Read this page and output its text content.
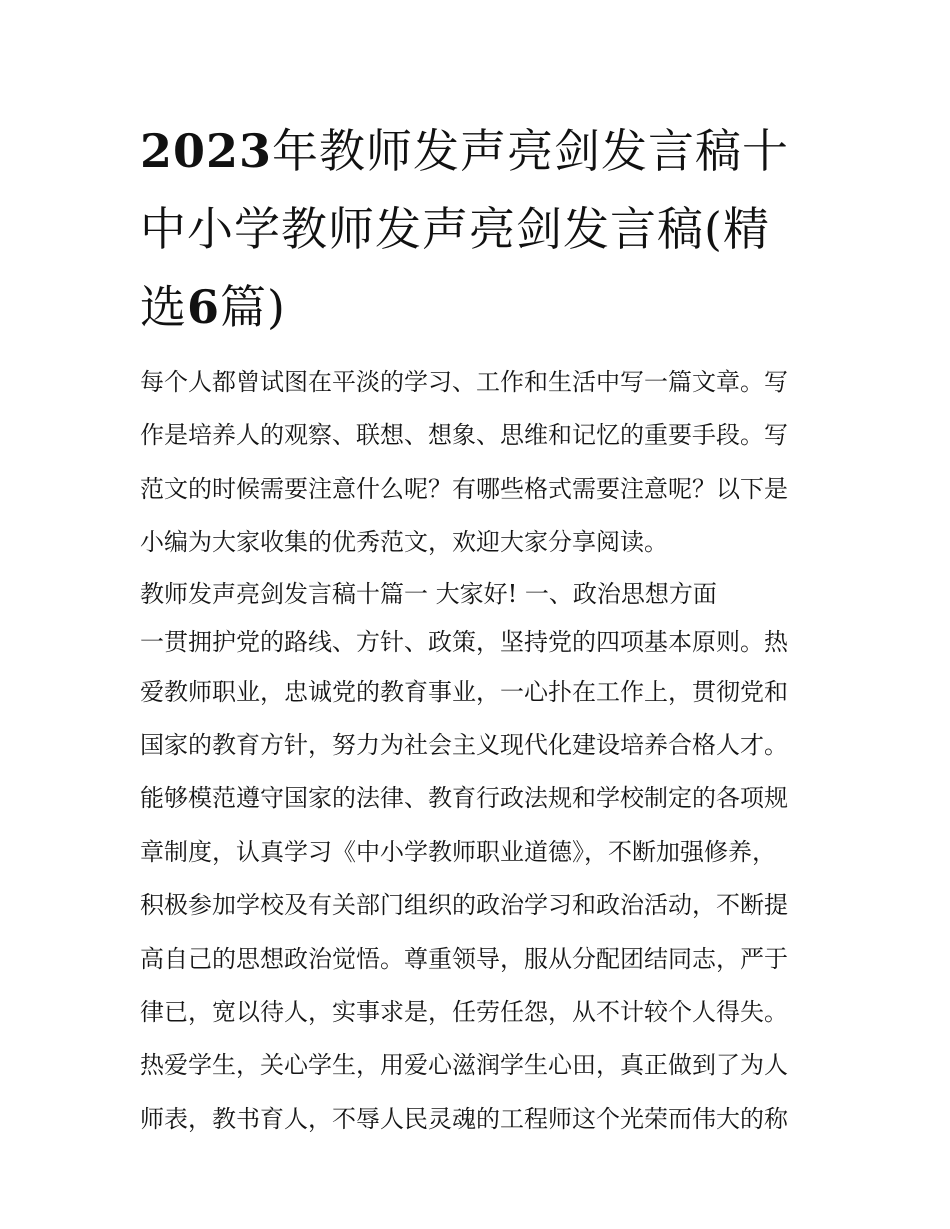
2023年教师发声亮剑发言稿十
中小学教师发声亮剑发言稿(精
选6篇)
每个人都曾试图在平淡的学习、工作和生活中写一篇文章。写
作是培养人的观察、联想、想象、思维和记忆的重要手段。写
范文的时候需要注意什么呢？有哪些格式需要注意呢？以下是
小编为大家收集的优秀范文，欢迎大家分享阅读。
教师发声亮剑发言稿十篇一 大家好! 一、政治思想方面
一贯拥护党的路线、方针、政策，坚持党的四项基本原则。热
爱教师职业，忠诚党的教育事业，一心扑在工作上，贯彻党和
国家的教育方针，努力为社会主义现代化建设培养合格人才。
能够模范遵守国家的法律、教育行政法规和学校制定的各项规
章制度，认真学习《中小学教师职业道德》，不断加强修养，
积极参加学校及有关部门组织的政治学习和政治活动，不断提
高自己的思想政治觉悟。尊重领导，服从分配团结同志，严于
律已，宽以待人，实事求是，任劳任怨，从不计较个人得失。
热爱学生，关心学生，用爱心滋润学生心田，真正做到了为人
师表，教书育人，不辱人民灵魂的工程师这个光荣而伟大的称
